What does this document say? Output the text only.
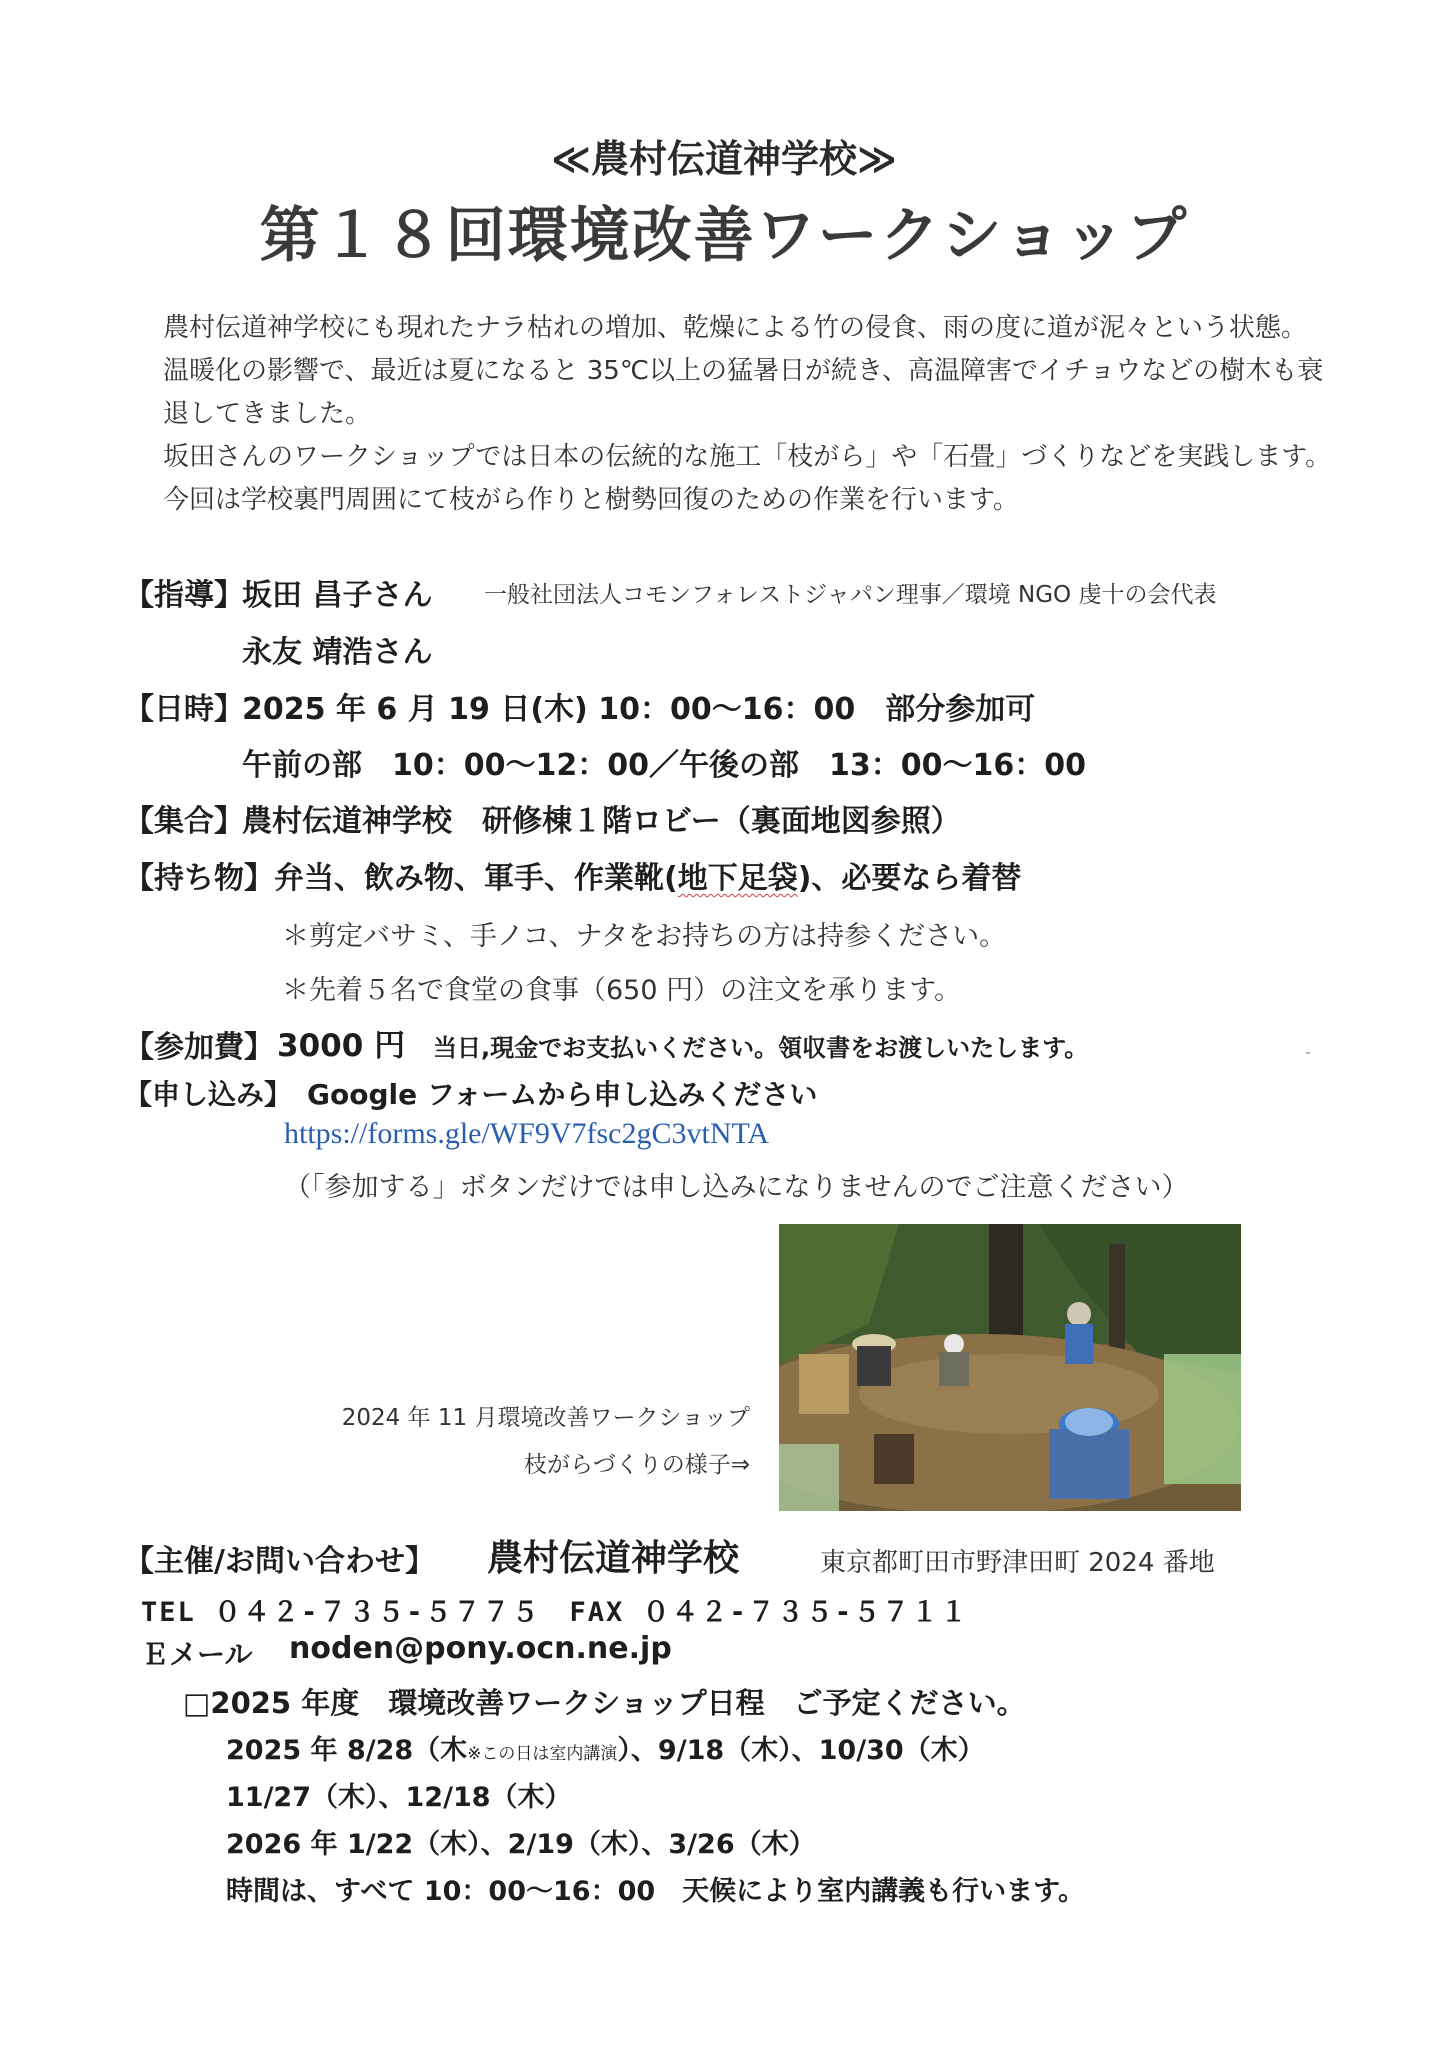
≪農村伝道神学校≫
第１８回環境改善ワークショップ
農村伝道神学校にも現れたナラ枯れの増加、乾燥による竹の侵食、雨の度に道が泥々という状態。
温暖化の影響で、最近は夏になると 35℃以上の猛暑日が続き、高温障害でイチョウなどの樹木も衰
退してきました。
坂田さんのワークショップでは日本の伝統的な施工「枝がら」や「石畳」づくりなどを実践します。
今回は学校裏門周囲にて枝がら作りと樹勢回復のための作業を行います。
【指導】
坂田 昌子さん 一般社団法人コモンフォレストジャパン理事／環境 NGO 虔十の会代表
永友 靖浩さん
【日時】
2025 年 6 月 19 日(木) 10：00～16：00　部分参加可
午前の部　10：00～12：00／午後の部　13：00～16：00
【集合】
農村伝道神学校　研修棟１階ロビー（裏面地図参照）
【持ち物】 弁当、飲み物、軍手、作業靴(地下足袋)、必要なら着替
＊剪定バサミ、手ノコ、ナタをお持ちの方は持参ください。
＊先着５名で食堂の食事（650 円）の注文を承ります。
【参加費】 3000 円 当日,現金でお支払いください。領収書をお渡しいたします。
【申し込み】 Google フォームから申し込みください
https://forms.gle/WF9V7fsc2gC3vtNTA
（「参加する」ボタンだけでは申し込みになりませんのでご注意ください）
2024 年 11 月環境改善ワークショップ
枝がらづくりの様子⇒
【主催/お問い合わせ】 農村伝道神学校	東京都町田市野津田町 2024 番地
TEL ０４２-７３５-５７７５　FAX ０４２-７３５-５７１１
Ｅメール noden@pony.ocn.ne.jp
□2025 年度　環境改善ワークショップ日程　ご予定ください。
2025 年 8/28（木※この日は室内講演）、9/18（木）、10/30（木）
11/27（木）、12/18（木）
2026 年 1/22（木）、2/19（木）、3/26（木）
時間は、すべて 10：00～16：00　天候により室内講義も行います。
